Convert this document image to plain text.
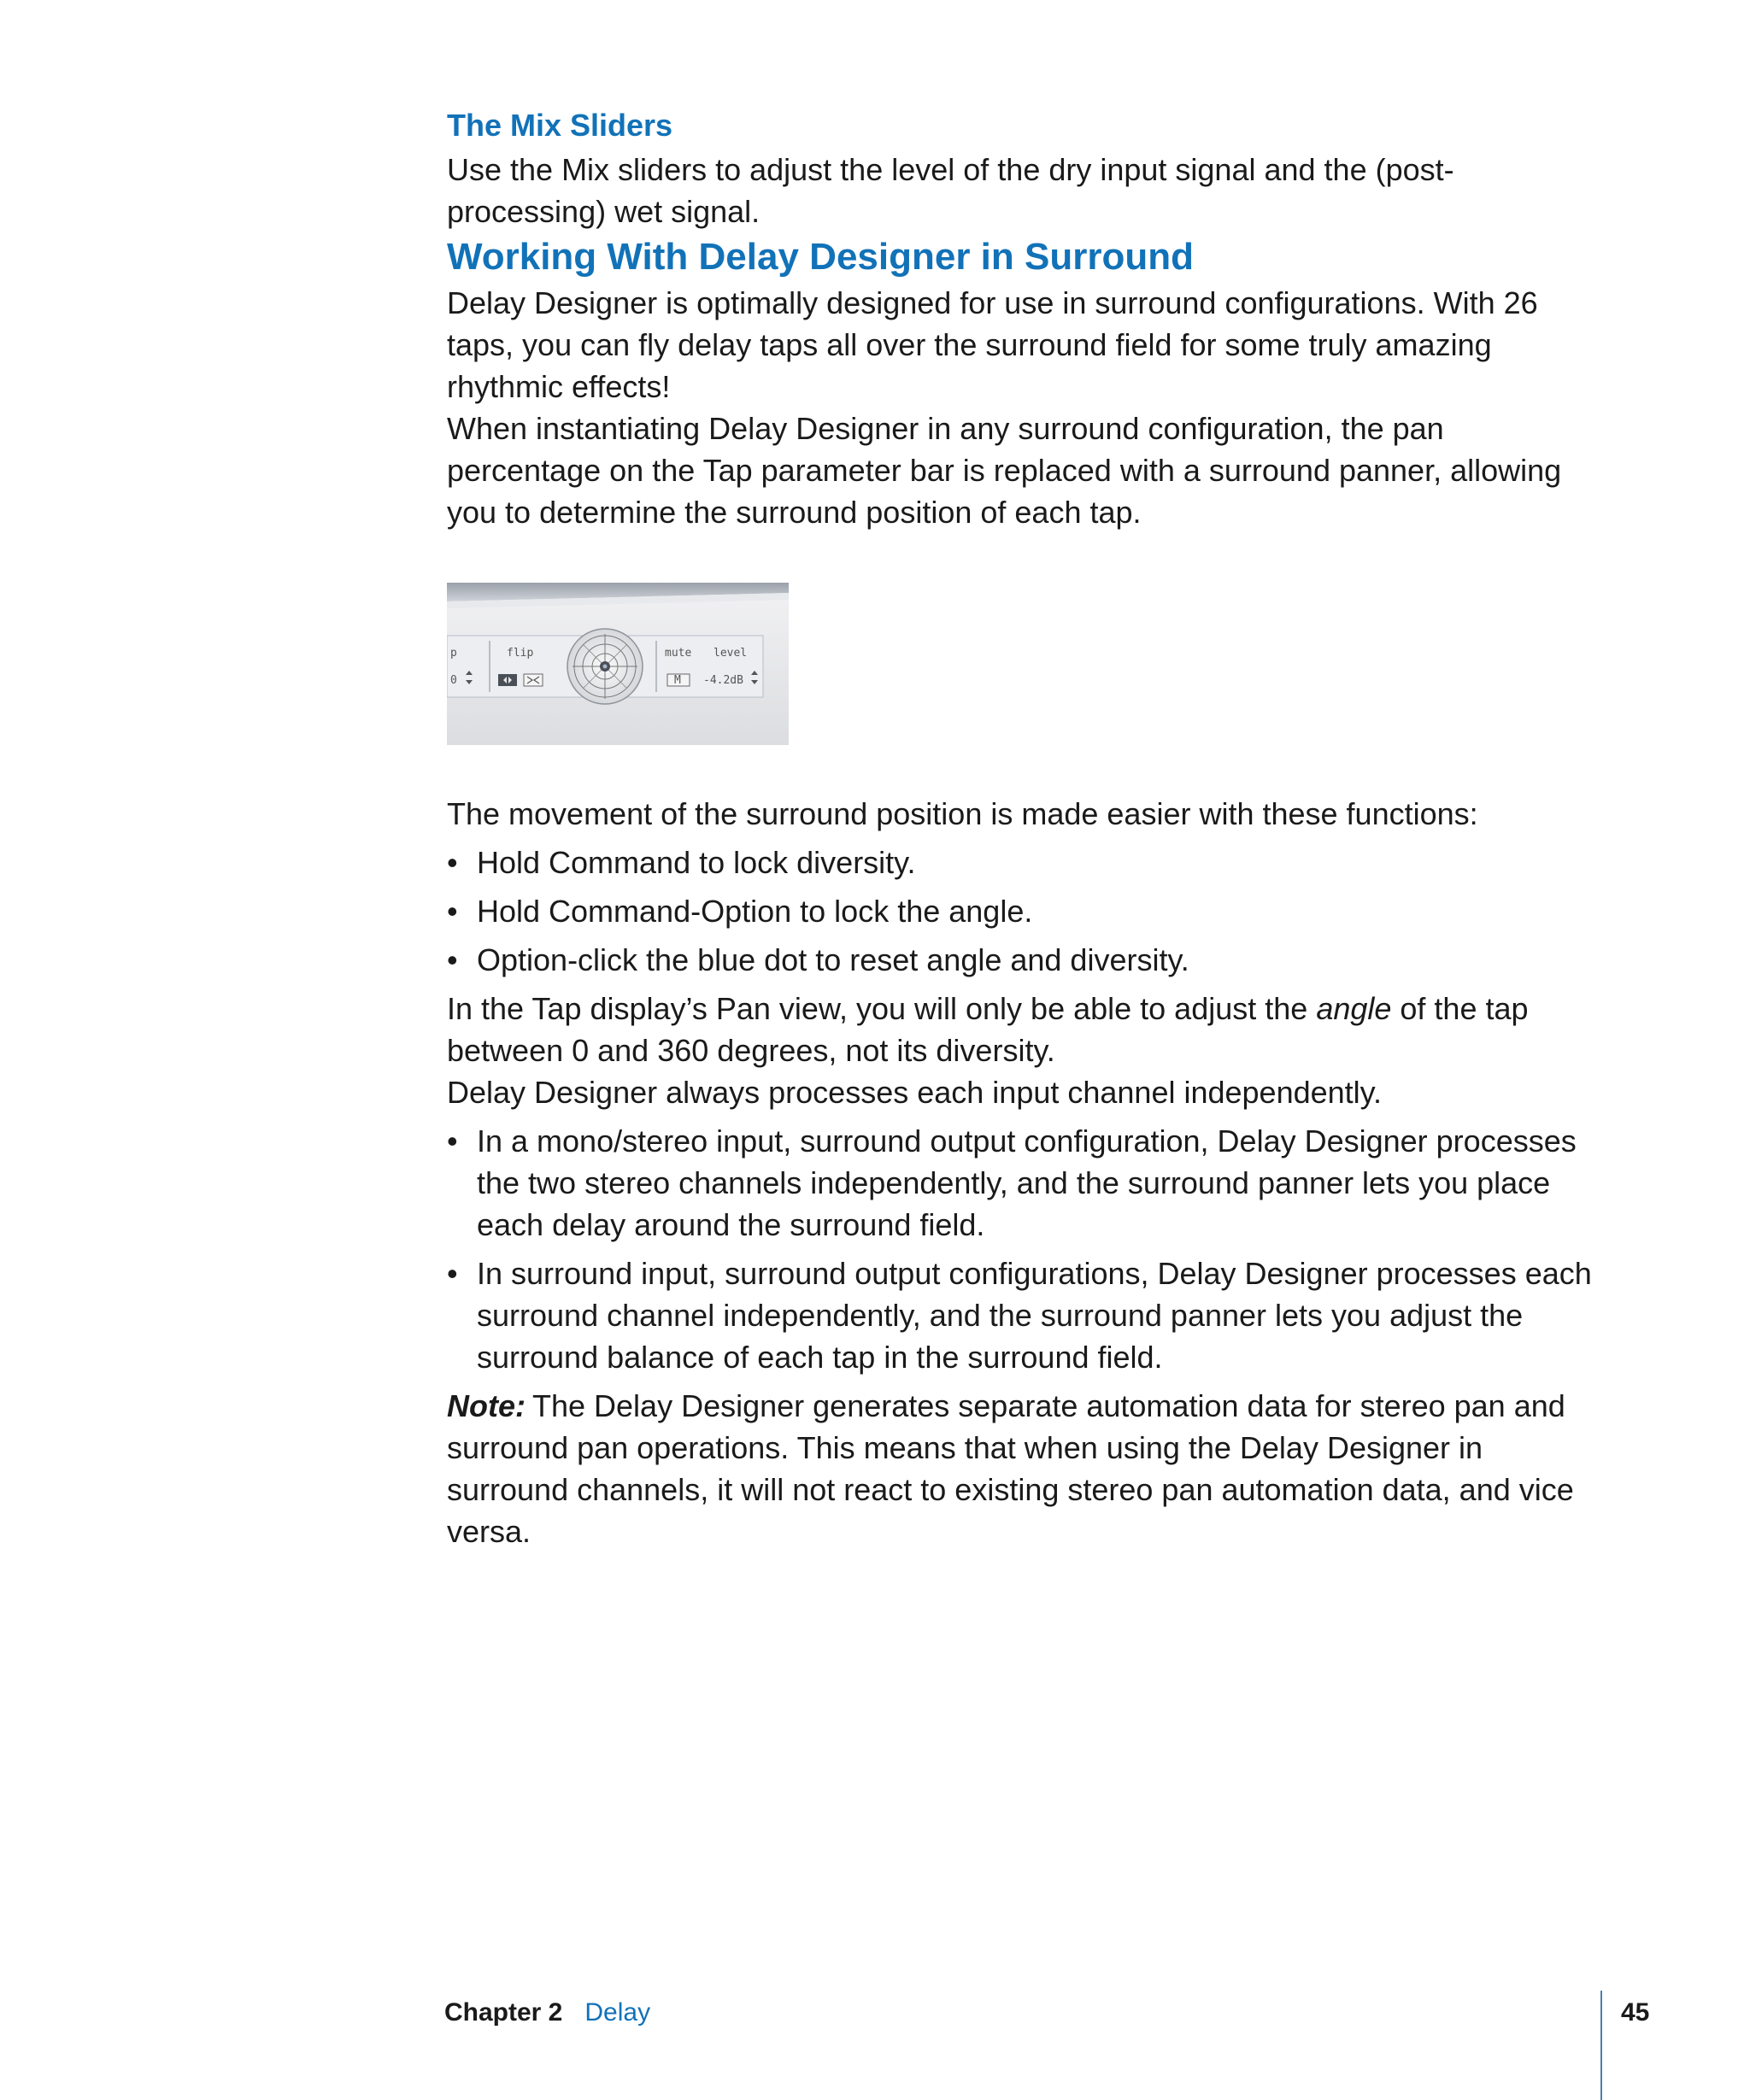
The Mix Sliders

Use the Mix sliders to adjust the level of the dry input signal and the (post-processing) wet signal.

Working With Delay Designer in Surround

Delay Designer is optimally designed for use in surround configurations. With 26 taps, you can fly delay taps all over the surround field for some truly amazing rhythmic effects!

When instantiating Delay Designer in any surround configuration, the pan percentage on the Tap parameter bar is replaced with a surround panner, allowing you to determine the surround position of each tap.

p	flip	mute level
0	M -4.2dB

The movement of the surround position is made easier with these functions:

• Hold Command to lock diversity.
• Hold Command-Option to lock the angle.
• Option-click the blue dot to reset angle and diversity.

In the Tap display’s Pan view, you will only be able to adjust the angle of the tap between 0 and 360 degrees, not its diversity.

Delay Designer always processes each input channel independently.

• In a mono/stereo input, surround output configuration, Delay Designer processes the two stereo channels independently, and the surround panner lets you place each delay around the surround field.
• In surround input, surround output configurations, Delay Designer processes each surround channel independently, and the surround panner lets you adjust the surround balance of each tap in the surround field.

Note: The Delay Designer generates separate automation data for stereo pan and surround pan operations. This means that when using the Delay Designer in surround channels, it will not react to existing stereo pan automation data, and vice versa.

Chapter 2 Delay	45
